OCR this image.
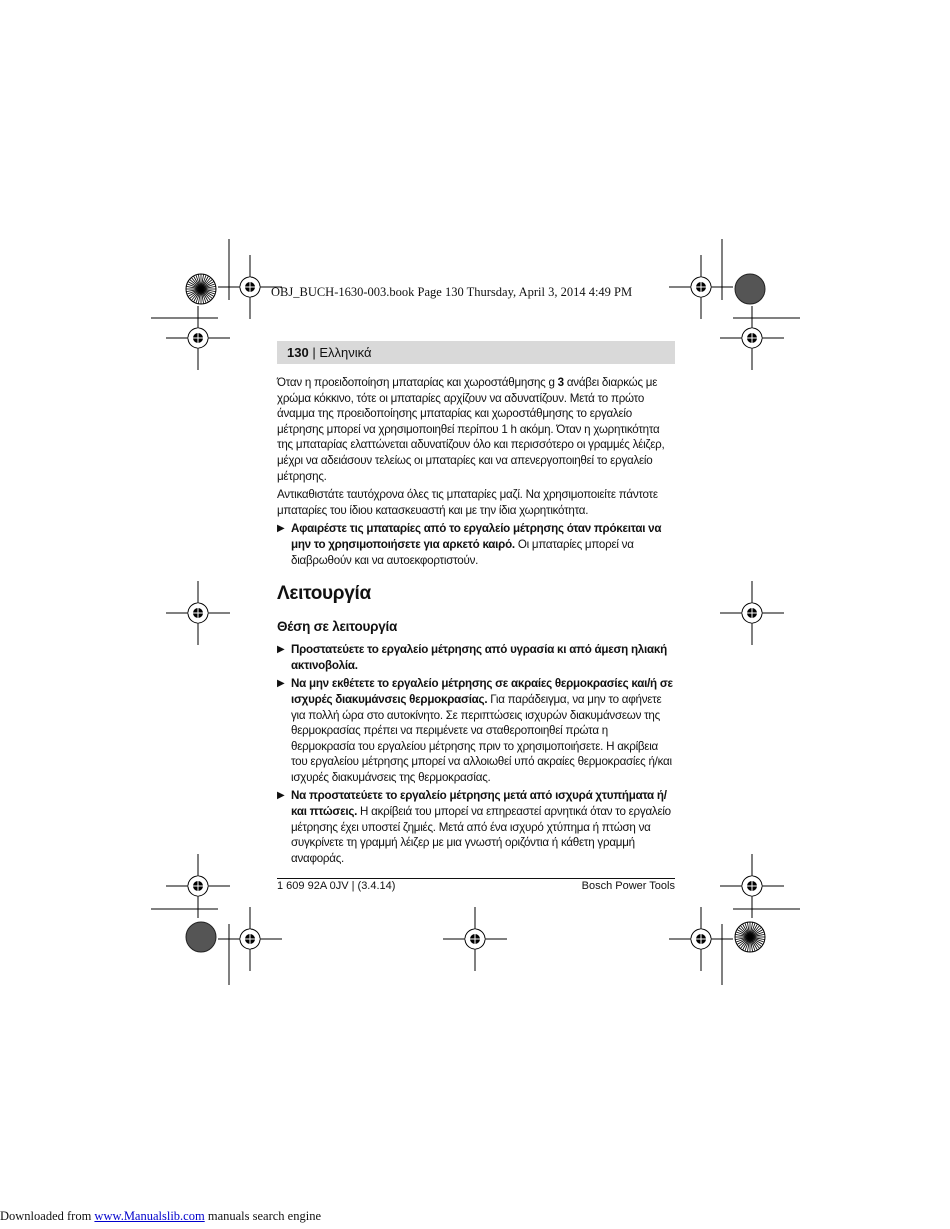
OBJ_BUCH-1630-003.book Page 130 Thursday, April 3, 2014 4:49 PM
130 | Ελληνικά

Όταν η προειδοποίηση μπαταρίας και χωροστάθμησης g 3 ανάβει διαρκώς με χρώμα κόκκινο, τότε οι μπαταρίες αρχίζουν να αδυνατίζουν. Μετά το πρώτο άναμμα της προειδοποίησης μπαταρίας και χωροστάθμησης το εργαλείο μέτρησης μπορεί να χρησιμοποιηθεί περίπου 1 h ακόμη. Όταν η χωρητικότητα της μπαταρίας ελαττώνεται αδυνατίζουν όλο και περισσότερο οι γραμμές λέιζερ, μέχρι να αδειάσουν τελείως οι μπαταρίες και να απενεργοποιηθεί το εργαλείο μέτρησης.

Αντικαθιστάτε ταυτόχρονα όλες τις μπαταρίες μαζί. Να χρησιμοποιείτε πάντοτε μπαταρίες του ίδιου κατασκευαστή και με την ίδια χωρητικότητα.

▶ Αφαιρέστε τις μπαταρίες από το εργαλείο μέτρησης όταν πρόκειται να μην το χρησιμοποιήσετε για αρκετό καιρό. Οι μπαταρίες μπορεί να διαβρωθούν και να αυτοεκφορτιστούν.
Λειτουργία
Θέση σε λειτουργία
▶ Προστατεύετε το εργαλείο μέτρησης από υγρασία κι από άμεση ηλιακή ακτινοβολία.
▶ Να μην εκθέτετε το εργαλείο μέτρησης σε ακραίες θερμοκρασίες και/ή σε ισχυρές διακυμάνσεις θερμοκρασίας. Για παράδειγμα, να μην το αφήνετε για πολλή ώρα στο αυτοκίνητο. Σε περιπτώσεις ισχυρών διακυμάνσεων της θερμοκρασίας πρέπει να περιμένετε να σταθεροποιηθεί πρώτα η θερμοκρασία του εργαλείου μέτρησης πριν το χρησιμοποιήσετε. Η ακρίβεια του εργαλείου μέτρησης μπορεί να αλλοιωθεί υπό ακραίες θερμοκρασίες ή/και ισχυρές διακυμάνσεις της θερμοκρασίας.
▶ Να προστατεύετε το εργαλείο μέτρησης μετά από ισχυρά χτυπήματα ή/και πτώσεις. Η ακρίβειά του μπορεί να επηρεαστεί αρνητικά όταν το εργαλείο μέτρησης έχει υποστεί ζημιές. Μετά από ένα ισχυρό χτύπημα ή πτώση να συγκρίνετε τη γραμμή λέιζερ με μια γνωστή οριζόντια ή κάθετη γραμμή αναφοράς.
1 609 92A 0JV | (3.4.14)	Bosch Power Tools
Downloaded from www.Manualslib.com manuals search engine
